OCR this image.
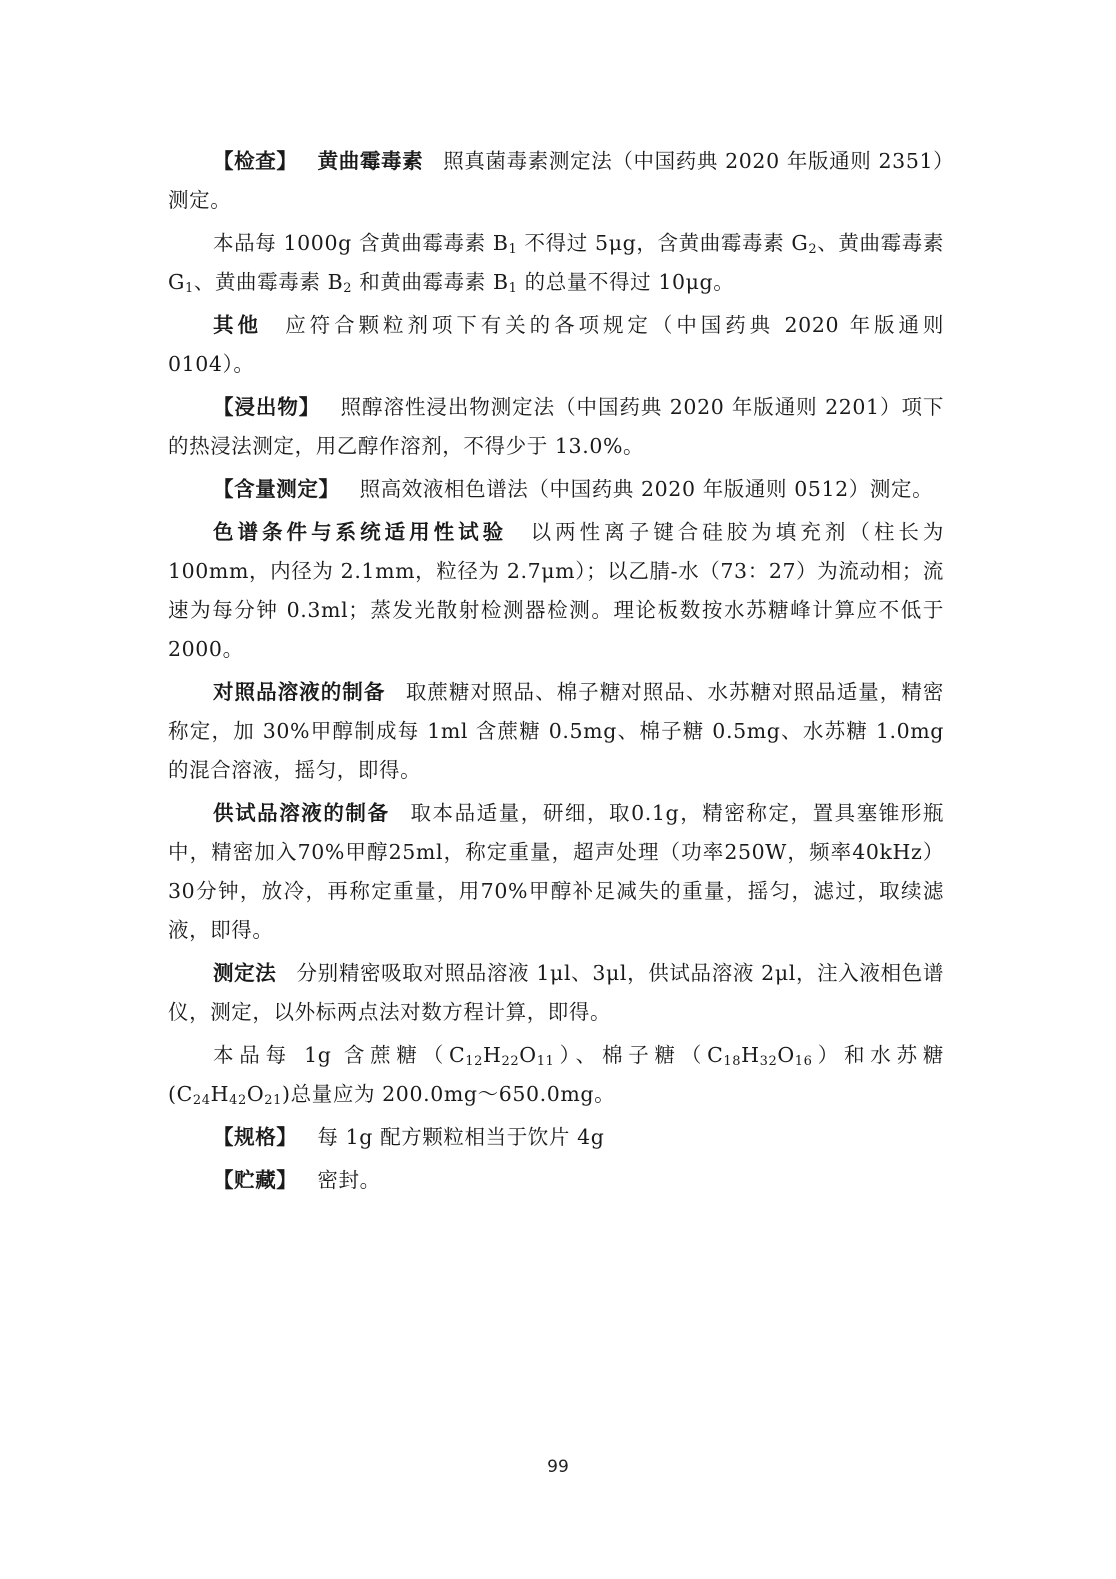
【检查】 黄曲霉毒素 照真菌毒素测定法（中国药典 2020 年版通则 2351）测定。

本品每 1000g 含黄曲霉毒素 $B_1$ 不得过 5μg，含黄曲霉毒素 $G_2$、黄曲霉毒素 $G_1$、黄曲霉毒素 $B_2$ 和黄曲霉毒素 $B_1$ 的总量不得过 10μg。

其他 应符合颗粒剂项下有关的各项规定（中国药典 2020 年版通则 0104）。

【浸出物】 照醇溶性浸出物测定法（中国药典 2020 年版通则 2201）项下的热浸法测定，用乙醇作溶剂，不得少于 13.0%。

【含量测定】 照高效液相色谱法（中国药典 2020 年版通则 0512）测定。

色谱条件与系统适用性试验 以两性离子键合硅胶为填充剂（柱长为 100mm，内径为 2.1mm，粒径为 2.7μm）；以乙腈-水（73：27）为流动相；流速为每分钟 0.3ml；蒸发光散射检测器检测。理论板数按水苏糖峰计算应不低于 2000。

对照品溶液的制备 取蔗糖对照品、棉子糖对照品、水苏糖对照品适量，精密称定，加 30%甲醇制成每 1ml 含蔗糖 0.5mg、棉子糖 0.5mg、水苏糖 1.0mg 的混合溶液，摇匀，即得。

供试品溶液的制备 取本品适量，研细，取0.1g，精密称定，置具塞锥形瓶中，精密加入70%甲醇25ml，称定重量，超声处理（功率250W，频率40kHz）30分钟，放冷，再称定重量，用70%甲醇补足减失的重量，摇匀，滤过，取续滤液，即得。

测定法 分别精密吸取对照品溶液 1μl、3μl，供试品溶液 2μl，注入液相色谱仪，测定，以外标两点法对数方程计算，即得。

本品每 1g 含蔗糖$(C_{12}H_{22}O_{11})$、棉子糖$(C_{18}H_{32}O_{16})$和水苏糖$(C_{24}H_{42}O_{21})$总量应为 200.0mg～650.0mg。

【规格】 每 1g 配方颗粒相当于饮片 4g

【贮藏】 密封。

99
